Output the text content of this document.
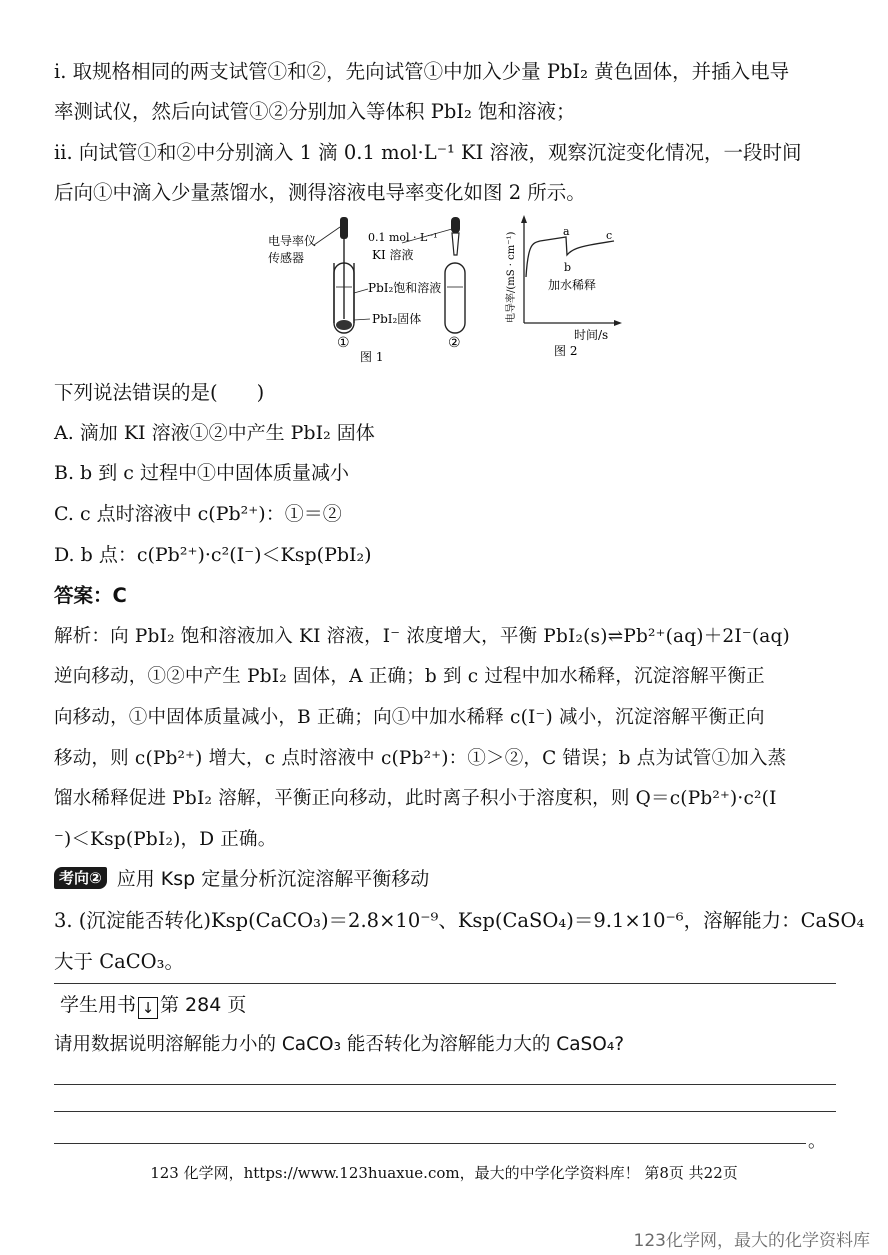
i. 取规格相同的两支试管①和②，先向试管①中加入少量 PbI₂ 黄色固体，并插入电导
率测试仪，然后向试管①②分别加入等体积 PbI₂ 饱和溶液；
ii. 向试管①和②中分别滴入 1 滴 0.1 mol·L⁻¹ KI 溶液，观察沉淀变化情况，一段时间
后向①中滴入少量蒸馏水，测得溶液电导率变化如图 2 所示。
电导率仪
传感器
0.1 mol · L⁻¹
KI 溶液
PbI₂饱和溶液
PbI₂固体
①	②
图 1
a
b
c
加水稀释
电导率/(mS · cm⁻¹)
时间/s
图 2
下列说法错误的是(　　)
A. 滴加 KI 溶液①②中产生 PbI₂ 固体
B. b 到 c 过程中①中固体质量减小
C. c 点时溶液中 c(Pb²⁺)：①＝②
D. b 点：c(Pb²⁺)·c²(I⁻)＜Ksp(PbI₂)
答案：C
解析：向 PbI₂ 饱和溶液加入 KI 溶液，I⁻ 浓度增大，平衡 PbI₂(s)⇌Pb²⁺(aq)＋2I⁻(aq)
逆向移动，①②中产生 PbI₂ 固体，A 正确；b 到 c 过程中加水稀释，沉淀溶解平衡正
向移动，①中固体质量减小，B 正确；向①中加水稀释 c(I⁻) 减小，沉淀溶解平衡正向
移动，则 c(Pb²⁺) 增大，c 点时溶液中 c(Pb²⁺)：①＞②，C 错误；b 点为试管①加入蒸
馏水稀释促进 PbI₂ 溶解，平衡正向移动，此时离子积小于溶度积，则 Q＝c(Pb²⁺)·c²(I
⁻)＜Ksp(PbI₂)，D 正确。
考向② 应用 Ksp 定量分析沉淀溶解平衡移动
3. (沉淀能否转化)Ksp(CaCO₃)＝2.8×10⁻⁹、Ksp(CaSO₄)＝9.1×10⁻⁶，溶解能力：CaSO₄
大于 CaCO₃。
学生用书 ↓ 第 284 页
请用数据说明溶解能力小的 CaCO₃ 能否转化为溶解能力大的 CaSO₄?
。
123 化学网，https://www.123huaxue.com，最大的中学化学资料库！ 第8页 共22页
123化学网，最大的化学资料库
